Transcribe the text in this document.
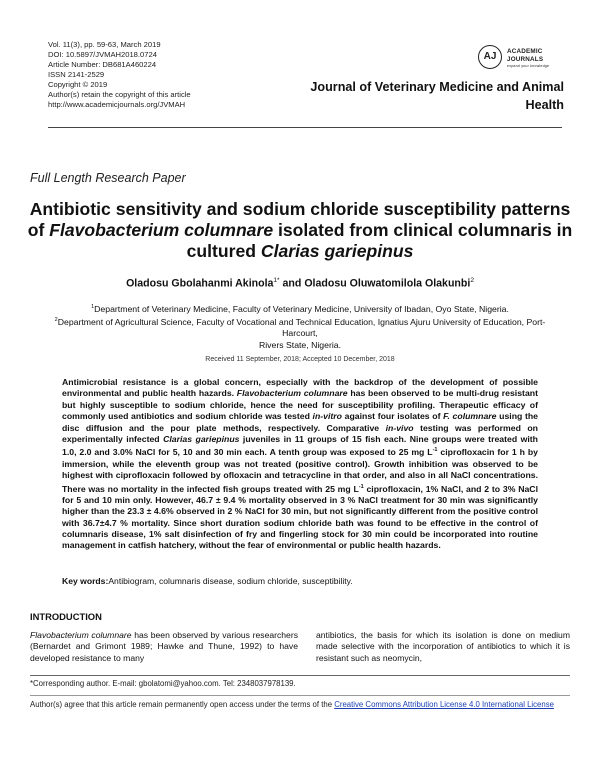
Vol. 11(3), pp. 59-63, March 2019
DOI: 10.5897/JVMAH2018.0724
Article Number: DB681A460224
ISSN 2141-2529
Copyright © 2019
Author(s) retain the copyright of this article
http://www.academicjournals.org/JVMAH
AJ	ACADEMIC
JOURNALS
expand your knowledge
Journal of Veterinary Medicine and Animal Health
Full Length Research Paper
Antibiotic sensitivity and sodium chloride susceptibility patterns of Flavobacterium columnare isolated from clinical columnaris in cultured Clarias gariepinus
Oladosu Gbolahanmi Akinola$^{1*}$ and Oladosu Oluwatomilola Olakunbi$^2$
$^1$Department of Veterinary Medicine, Faculty of Veterinary Medicine, University of Ibadan, Oyo State, Nigeria.
$^2$Department of Agricultural Science, Faculty of Vocational and Technical Education, Ignatius Ajuru University of Education, Port-Harcourt,
Rivers State, Nigeria.
Received 11 September, 2018; Accepted 10 December, 2018
Antimicrobial resistance is a global concern, especially with the backdrop of the development of possible environmental and public health hazards. Flavobacterium columnare has been observed to be multi-drug resistant but highly susceptible to sodium chloride, hence the need for susceptibility profiling. Therapeutic efficacy of commonly used antibiotics and sodium chloride was tested in-vitro against four isolates of F. columnare using the disc diffusion and the pour plate methods, respectively. Comparative in-vivo testing was performed on experimentally infected Clarias gariepinus juveniles in 11 groups of 15 fish each. Nine groups were treated with 1.0, 2.0 and 3.0% NaCl for 5, 10 and 30 min each. A tenth group was exposed to 25 mg $L^{-1}$ ciprofloxacin for 1 h by immersion, while the eleventh group was not treated (positive control). Growth inhibition was observed to be highest with ciprofloxacin followed by ofloxacin and tetracycline in that order, and also in all NaCl concentrations. There was no mortality in the infected fish groups treated with 25 mg $L^{-1}$ ciprofloxacin, 1% NaCl, and 2 to 3% NaCl for 5 and 10 min only. However, 46.7 ± 9.4 % mortality observed in 3 % NaCl treatment for 30 min was significantly higher than the 23.3 ± 4.6% observed in 2 % NaCl for 30 min, but not significantly different from the positive control with 36.7±4.7 % mortality. Since short duration sodium chloride bath was found to be effective in the control of columnaris disease, 1% salt disinfection of fry and fingerling stock for 30 min could be incorporated into routine management in catfish hatchery, without the fear of environmental or public health hazards.
Key words:Antibiogram, columnaris disease, sodium chloride, susceptibility.
INTRODUCTION
Flavobacterium columnare has been observed by various researchers (Bernardet and Grimont 1989; Hawke and Thune, 1992) to have developed resistance to many
antibiotics, the basis for which its isolation is done on medium made selective with the incorporation of antibiotics to which it is resistant such as neomycin,
*Corresponding author. E-mail: gbolatomi@yahoo.com. Tel: 2348037978139.
Author(s) agree that this article remain permanently open access under the terms of the Creative Commons Attribution License 4.0 International License
